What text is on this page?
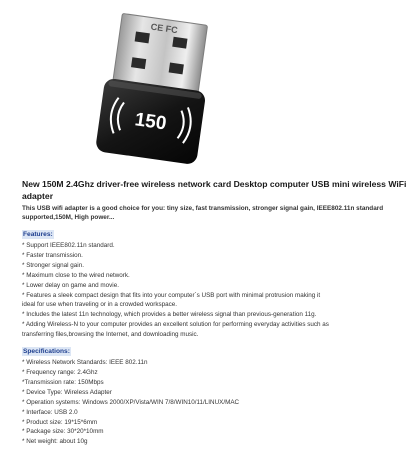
CE FC
150
New 150M 2.4Ghz driver-free wireless network card Desktop computer USB mini wireless WiFi adapter
This USB wifi adapter is a good choice for you: tiny size, fast transmission, stronger signal gain, IEEE802.11n standard supported,150M, High power...
Features:
* Support IEEE802.11n standard.
* Faster transmission.
* Stronger signal gain.
* Maximum close to the wired network.
* Lower delay on game and movie.
* Features a sleek compact design that fits into your computer`s USB port with minimal protrusion making it
ideal for use when traveling or in a crowded workspace.
* Includes the latest 11n technology, which provides a better wireless signal than previous-generation 11g.
* Adding Wireless-N to your computer provides an excellent solution for performing everyday activities such as
transferring files,browsing the Internet, and downloading music.
Specifications:
* Wireless Network Standards: IEEE 802.11n
* Frequency range: 2.4Ghz
*Transmission rate: 150Mbps
* Device Type: Wireless Adapter
* Operation systems: Windows 2000/XP/Vista/WIN 7/8/WIN10/11/LINUX/MAC
* Interface: USB 2.0
* Product size: 19*15*6mm
* Package size: 30*20*10mm
* Net weight: about 10g
